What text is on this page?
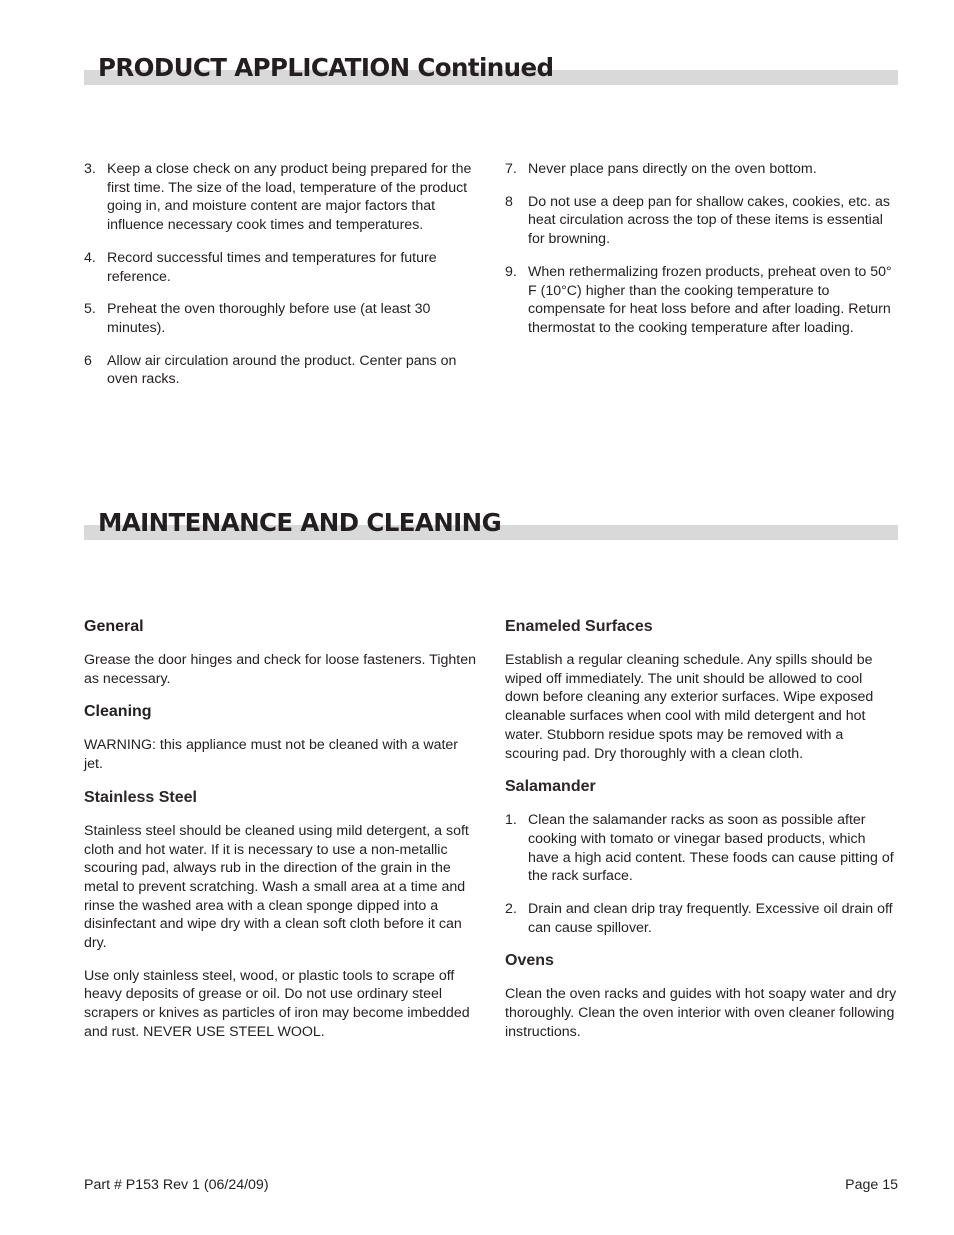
PRODUCT APPLICATION Continued
3. Keep a close check on any product being prepared for the first time. The size of the load, temperature of the product going in, and moisture content are major factors that influence necessary cook times and temperatures.
4. Record successful times and temperatures for future reference.
5. Preheat the oven thoroughly before use (at least 30 minutes).
6 Allow air circulation around the product. Center pans on oven racks.
7. Never place pans directly on the oven bottom.
8 Do not use a deep pan for shallow cakes, cookies, etc. as heat circulation across the top of these items is essential for browning.
9. When rethermalizing frozen products, preheat oven to 50° F (10°C) higher than the cooking temperature to compensate for heat loss before and after loading. Return thermostat to the cooking temperature after loading.
MAINTENANCE AND CLEANING
General

Grease the door hinges and check for loose fasteners. Tighten as necessary.

Cleaning

WARNING: this appliance must not be cleaned with a water jet.

Stainless Steel

Stainless steel should be cleaned using mild detergent, a soft cloth and hot water. If it is necessary to use a non-metallic scouring pad, always rub in the direction of the grain in the metal to prevent scratching. Wash a small area at a time and rinse the washed area with a clean sponge dipped into a disinfectant and wipe dry with a clean soft cloth before it can dry.

Use only stainless steel, wood, or plastic tools to scrape off heavy deposits of grease or oil. Do not use ordinary steel scrapers or knives as particles of iron may become imbedded and rust. NEVER USE STEEL WOOL.

Enameled Surfaces

Establish a regular cleaning schedule. Any spills should be wiped off immediately. The unit should be allowed to cool down before cleaning any exterior surfaces. Wipe exposed cleanable surfaces when cool with mild detergent and hot water. Stubborn residue spots may be removed with a scouring pad. Dry thoroughly with a clean cloth.

Salamander
1. Clean the salamander racks as soon as possible after cooking with tomato or vinegar based products, which have a high acid content. These foods can cause pitting of the rack surface.
2. Drain and clean drip tray frequently. Excessive oil drain off can cause spillover.
Ovens

Clean the oven racks and guides with hot soapy water and dry thoroughly. Clean the oven interior with oven cleaner following instructions.

Part # P153 Rev 1 (06/24/09)	Page 15
